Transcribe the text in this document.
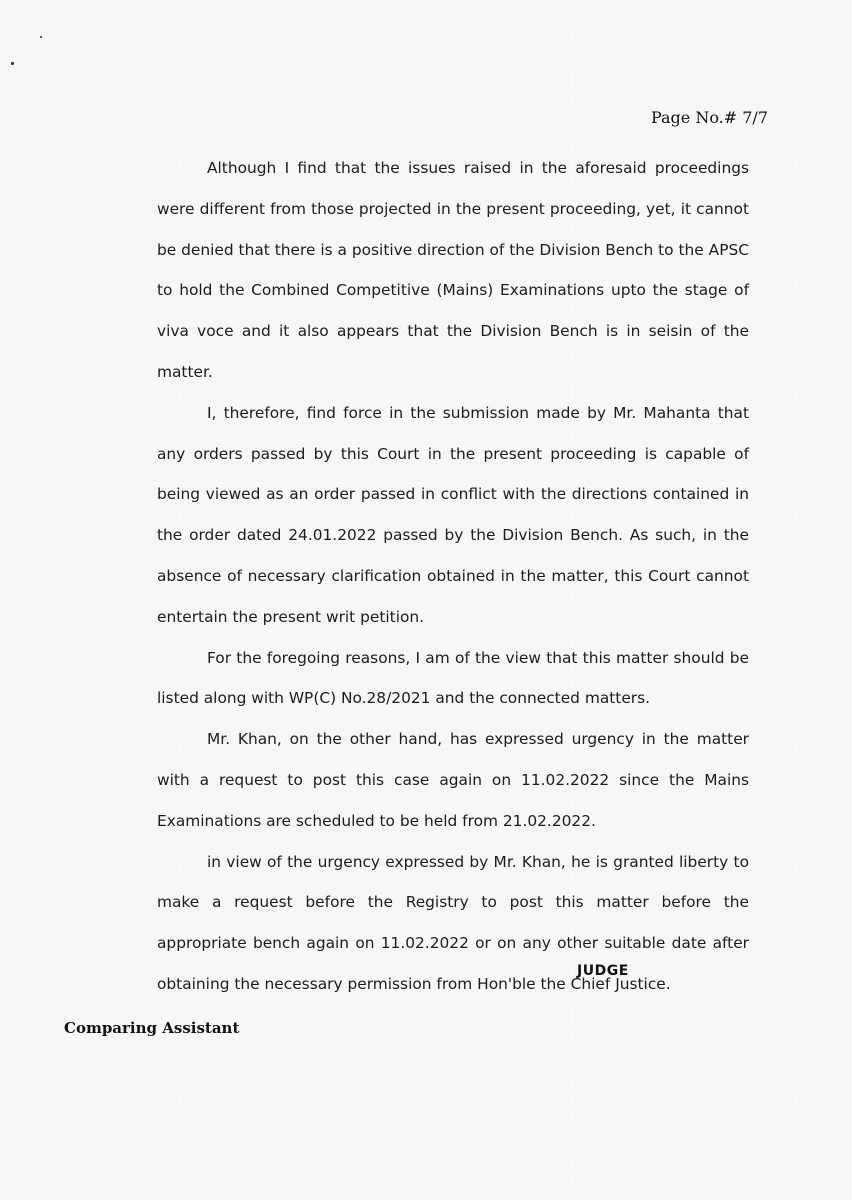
Page No.# 7/7

Although I find that the issues raised in the aforesaid proceedings were different from those projected in the present proceeding, yet, it cannot be denied that there is a positive direction of the Division Bench to the APSC to hold the Combined Competitive (Mains) Examinations upto the stage of viva voce and it also appears that the Division Bench is in seisin of the matter.

I, therefore, find force in the submission made by Mr. Mahanta that any orders passed by this Court in the present proceeding is capable of being viewed as an order passed in conflict with the directions contained in the order dated 24.01.2022 passed by the Division Bench. As such, in the absence of necessary clarification obtained in the matter, this Court cannot entertain the present writ petition.

For the foregoing reasons, I am of the view that this matter should be listed along with WP(C) No.28/2021 and the connected matters.

Mr. Khan, on the other hand, has expressed urgency in the matter with a request to post this case again on 11.02.2022 since the Mains Examinations are scheduled to be held from 21.02.2022.

in view of the urgency expressed by Mr. Khan, he is granted liberty to make a request before the Registry to post this matter before the appropriate bench again on 11.02.2022 or on any other suitable date after obtaining the necessary permission from Hon'ble the Chief Justice.

JUDGE
Comparing Assistant
